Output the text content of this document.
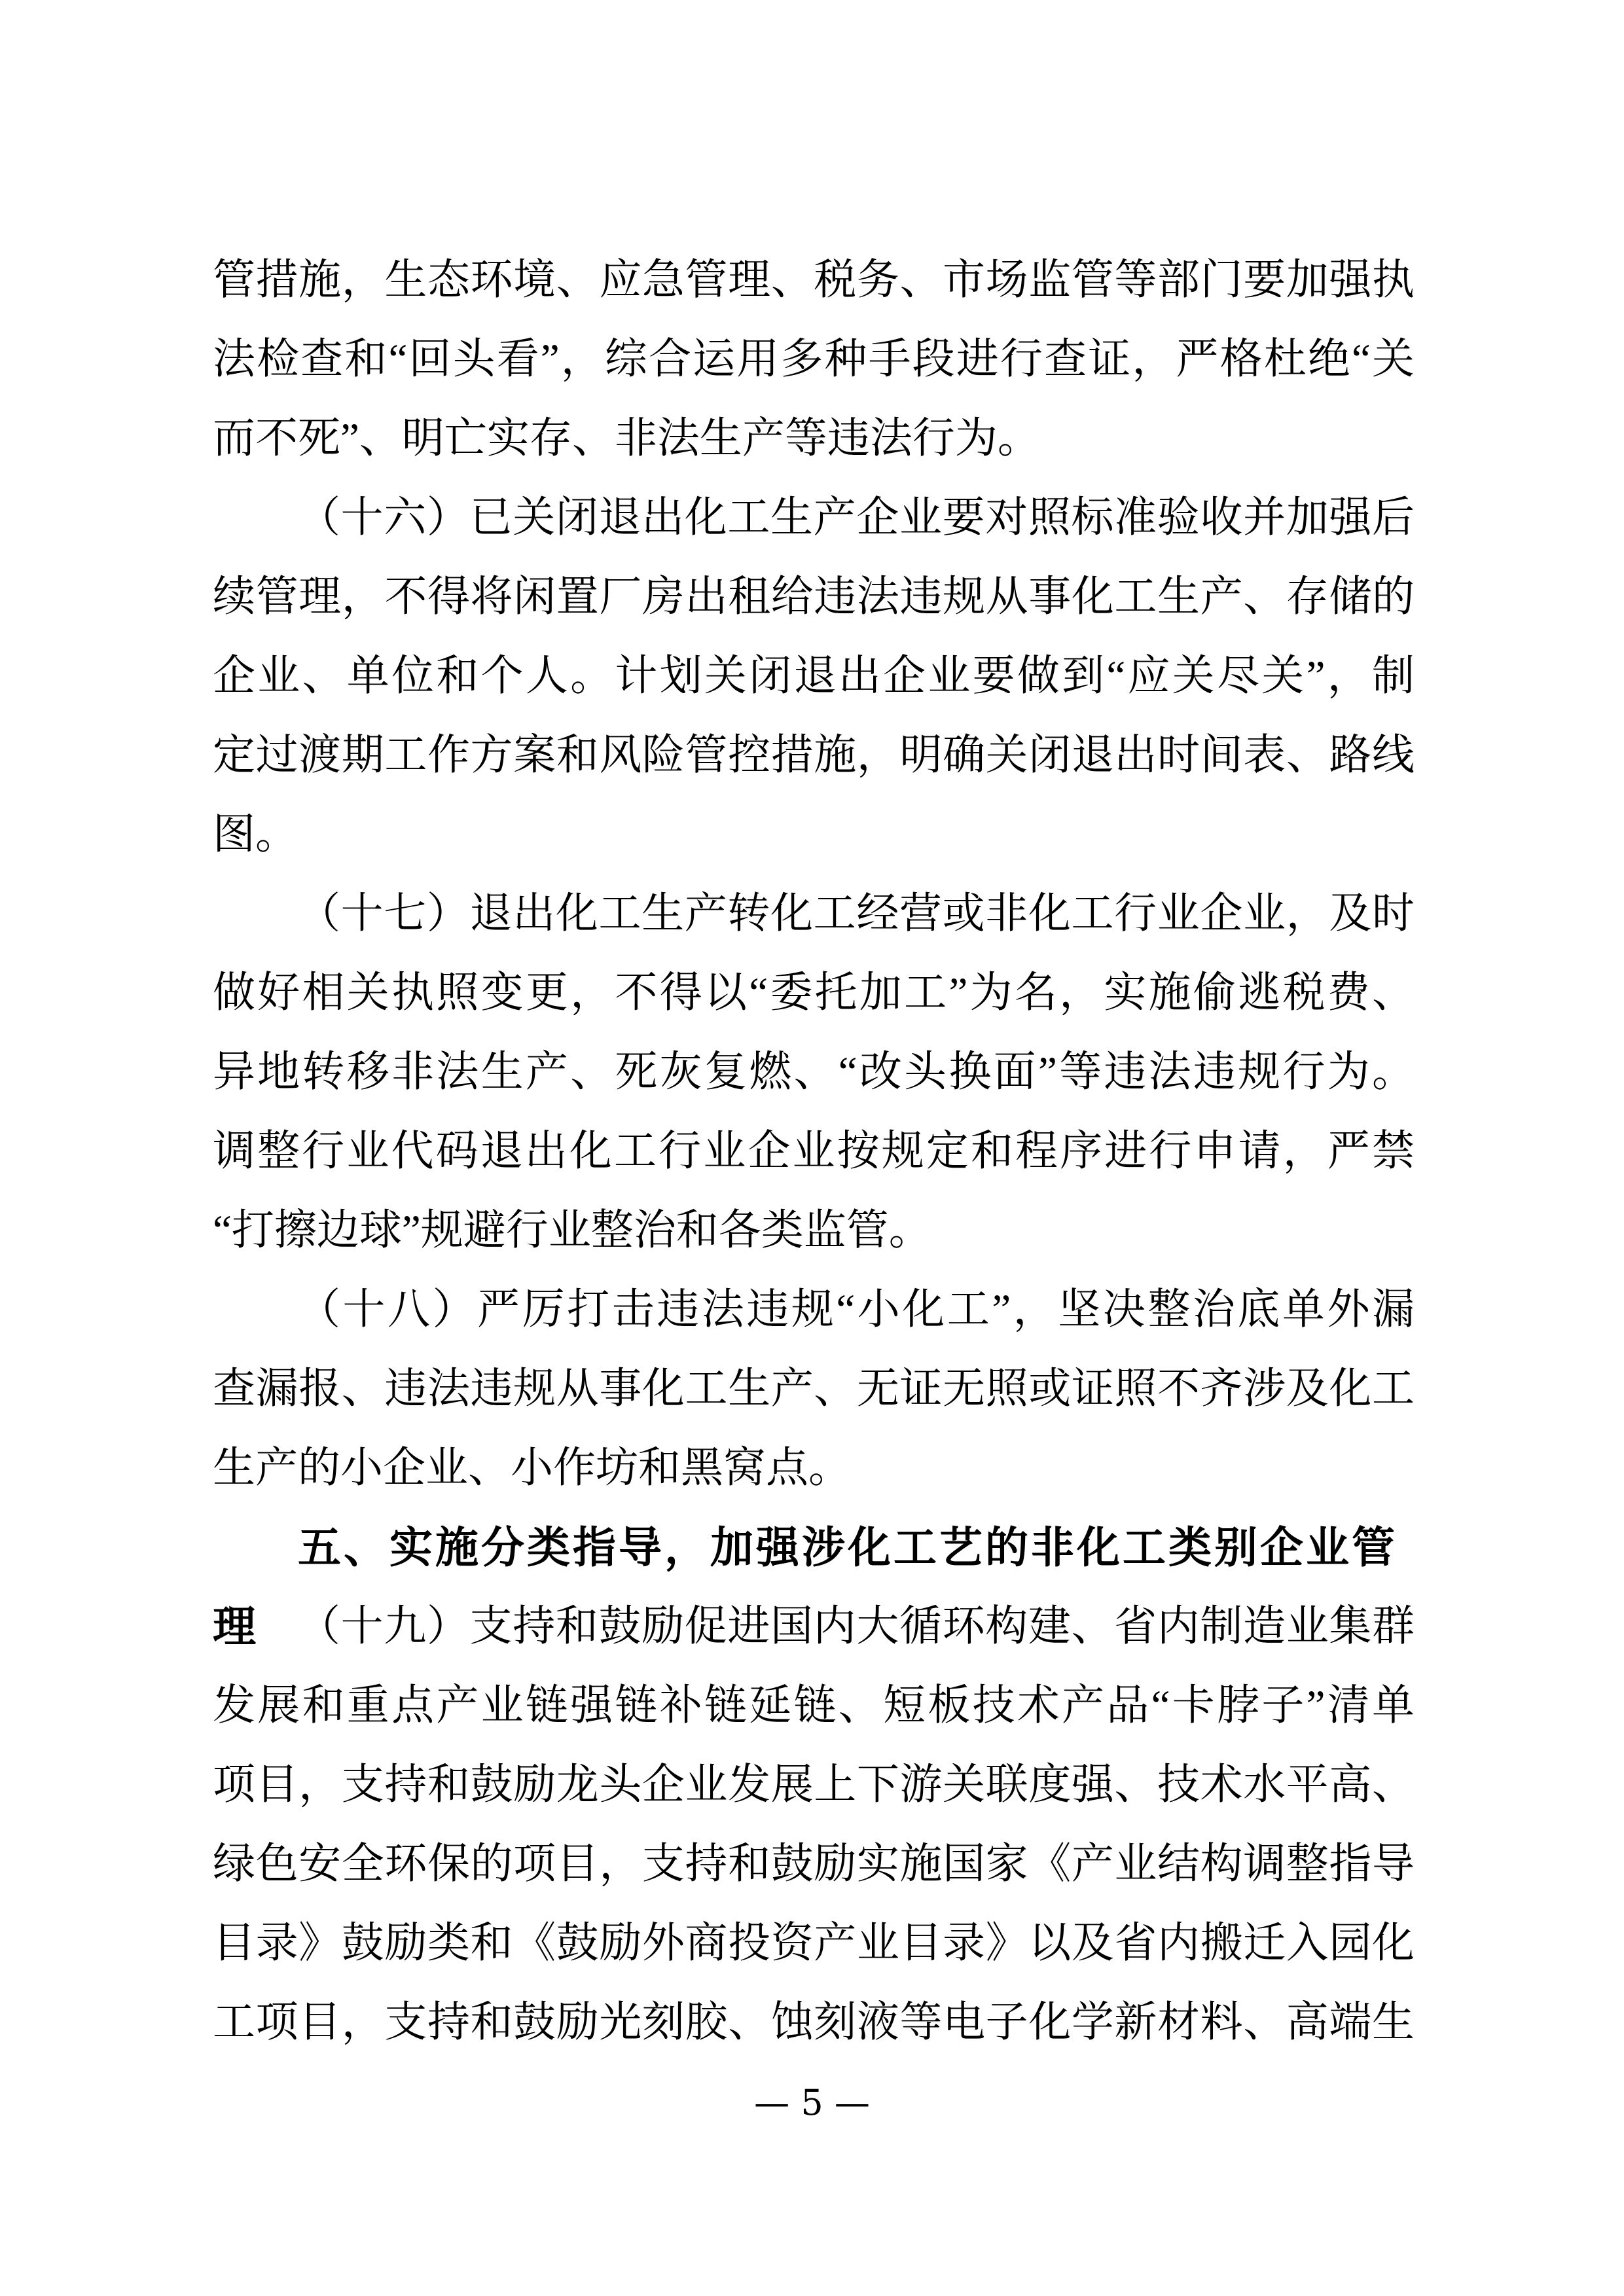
管措施，生态环境、应急管理、税务、市场监管等部门要加强执
法检查和“回头看”，综合运用多种手段进行查证，严格杜绝“关
而不死”、明亡实存、非法生产等违法行为。
（十六）已关闭退出化工生产企业要对照标准验收并加强后
续管理，不得将闲置厂房出租给违法违规从事化工生产、存储的
企业、单位和个人。计划关闭退出企业要做到“应关尽关”，制
定过渡期工作方案和风险管控措施，明确关闭退出时间表、路线
图。
（十七）退出化工生产转化工经营或非化工行业企业，及时
做好相关执照变更，不得以“委托加工”为名，实施偷逃税费、
异地转移非法生产、死灰复燃、“改头换面”等违法违规行为。
调整行业代码退出化工行业企业按规定和程序进行申请，严禁
“打擦边球”规避行业整治和各类监管。
（十八）严厉打击违法违规“小化工”，坚决整治底单外漏
查漏报、违法违规从事化工生产、无证无照或证照不齐涉及化工
生产的小企业、小作坊和黑窝点。
五、实施分类指导，加强涉化工艺的非化工类别企业管理 （十九）支持和鼓励促进国内大循环构建、省内制造业集群
发展和重点产业链强链补链延链、短板技术产品“卡脖子”清单
项目，支持和鼓励龙头企业发展上下游关联度强、技术水平高、
绿色安全环保的项目，支持和鼓励实施国家《产业结构调整指导
目录》鼓励类和《鼓励外商投资产业目录》以及省内搬迁入园化
工项目，支持和鼓励光刻胶、蚀刻液等电子化学新材料、高端生
— 5 —
